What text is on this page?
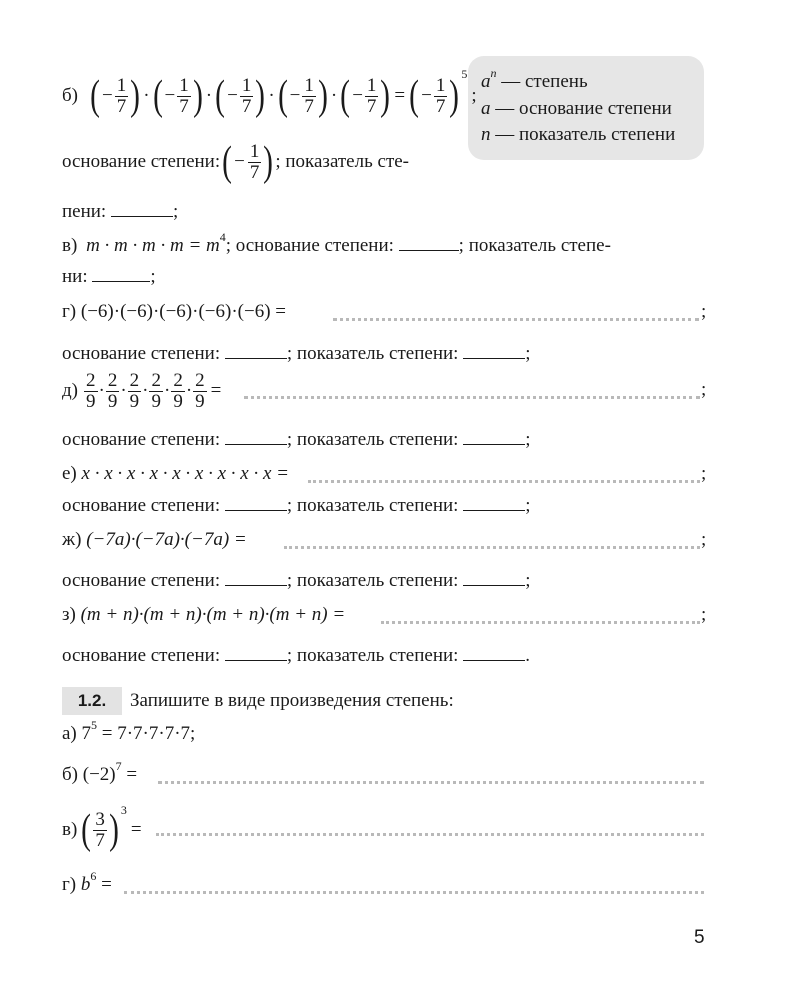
$a^n$ — степень
a — основание степени
n — показатель степени
б) ( − $\frac{1}{7}$ ) · ( − $\frac{1}{7}$ ) · ( − $\frac{1}{7}$ ) · ( − $\frac{1}{7}$ ) · ( − $\frac{1}{7}$ ) = ( − $\frac{1}{7}$ ) 5
;
основание степени: ( − $\frac{1}{7}$ ) ; показатель сте-
пени:	;
в) $m \cdot m \cdot m \cdot m = m^4$; основание степени:	; показатель степе-
ни:	;
г) (−6)·(−6)·(−6)·(−6)·(−6) =	;
основание степени:	; показатель степени:	;
$д) \frac{2}{9} \cdot \frac{2}{9} \cdot \frac{2}{9} \cdot \frac{2}{9} \cdot \frac{2}{9} \cdot \frac{2}{9}$ =	;
основание степени:	; показатель степени:	;
е) x · x · x · x · x · x · x · x · x =	;
основание степени:	; показатель степени:	;
ж) (−7a)·(−7a)·(−7a) =	;
основание степени:	; показатель степени:	;
з) (m + n)·(m + n)·(m + n)·(m + n) =	;
основание степени:	; показатель степени:	.
1.2.	Запишите в виде произведения степень:
а) $7^5 = 7\cdot 7\cdot 7\cdot 7\cdot 7$;
б) $(-2)^7$ =
в) ( $\frac{3}{7}$ ) 3
=
г) $b^6$ =
5
